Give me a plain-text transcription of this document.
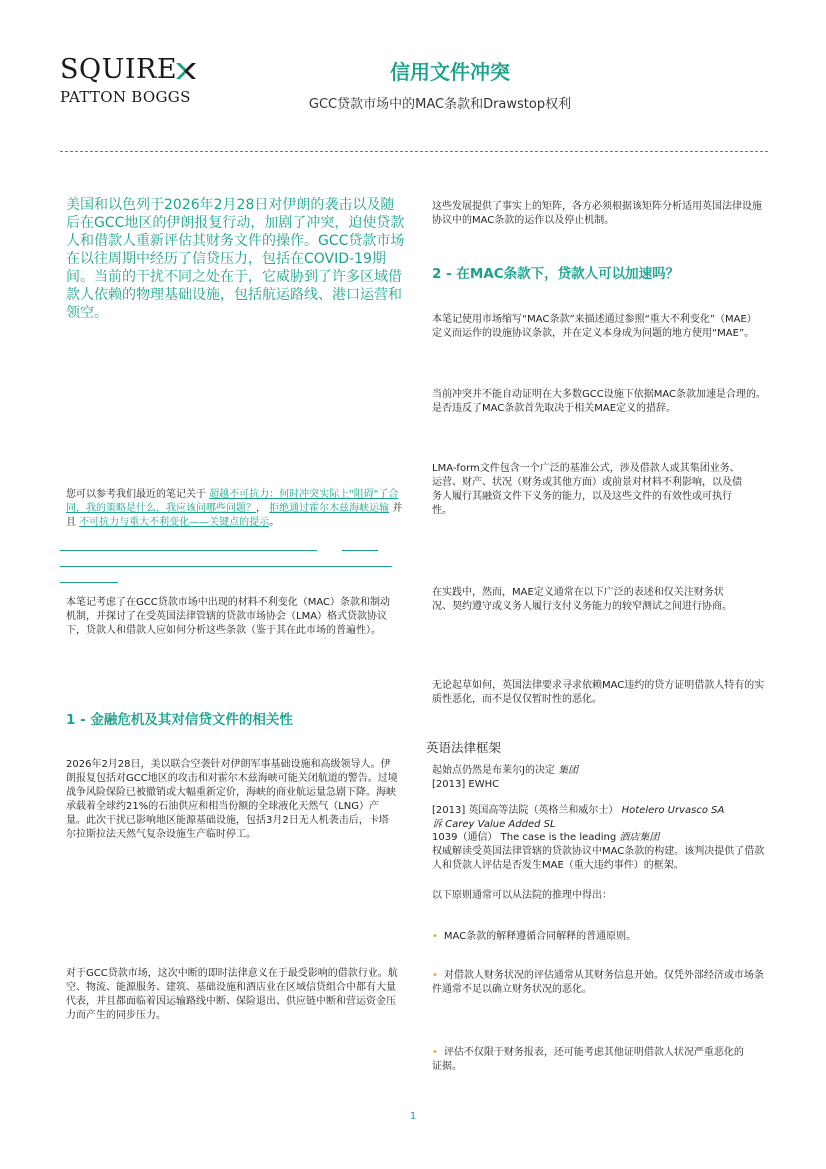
SQUIRE
PATTON BOGGS
信用文件冲突
GCC贷款市场中的MAC条款和Drawstop权利
美国和以色列于2026年2月28日对伊朗的袭击以及随后在GCC地区的伊朗报复行动，加剧了冲突，迫使贷款人和借款人重新评估其财务文件的操作。GCC贷款市场在以往周期中经历了信贷压力，包括在COVID-19期间。当前的干扰不同之处在于，它威胁到了许多区域借款人依赖的物理基础设施，包括航运路线、港口运营和领空。
您可以参考我们最近的笔记关于 超越不可抗力：何时冲突实际上"阻碍"了合同，我的策略是什么，我应该问哪些问题？， 拒绝通过霍尔木兹海峡运输 并且 不可抗力与重大不利变化——关键点的提示。
本笔记考虑了在GCC贷款市场中出现的材料不利变化（MAC）条款和制动机制，并探讨了在受英国法律管辖的贷款市场协会（LMA）格式贷款协议下，贷款人和借款人应如何分析这些条款（鉴于其在此市场的普遍性）。
1 - 金融危机及其对信贷文件的相关性
2026年2月28日，美以联合空袭针对伊朗军事基础设施和高级领导人。伊朗报复包括对GCC地区的攻击和对霍尔木兹海峡可能关闭航道的警告。过境战争风险保险已被撤销或大幅重新定价，海峡的商业航运量急剧下降。海峡承载着全球约21%的石油供应和相当份额的全球液化天然气（LNG）产量。此次干扰已影响地区能源基础设施，包括3月2日无人机袭击后，卡塔尔拉斯拉法天然气复杂设施生产临时停工。
对于GCC贷款市场，这次中断的即时法律意义在于最受影响的借款行业。航空、物流、能源服务、建筑、基础设施和酒店业在区域信贷组合中都有大量代表，并且都面临着因运输路线中断、保险退出、供应链中断和营运资金压力而产生的同步压力。
这些发展提供了事实上的矩阵，各方必须根据该矩阵分析适用英国法律设施协议中的MAC条款的运作以及停止机制。
2 - 在MAC条款下，贷款人可以加速吗？
本笔记使用市场缩写“MAC条款”来描述通过参照“重大不利变化”（MAE）定义而运作的设施协议条款，并在定义本身成为问题的地方使用“MAE”。
当前冲突并不能自动证明在大多数GCC设施下依据MAC条款加速是合理的。是否违反了MAC条款首先取决于相关MAE定义的措辞。
LMA-form文件包含一个广泛的基准公式，涉及借款人或其集团业务、运营、财产、状况（财务或其他方面）或前景对材料不利影响，以及债务人履行其融资文件下义务的能力，以及这些文件的有效性或可执行性。
在实践中，然而，MAE定义通常在以下广泛的表述和仅关注财务状况、契约遵守或义务人履行支付义务能力的较窄测试之间进行协商。
无论起草如何，英国法律要求寻求依赖MAC违约的贷方证明借款人特有的实质性恶化，而不是仅仅暂时性的恶化。
英语法律框架
起始点仍然是布莱尔J的决定 集团
[2013] EWHC
[2013] 英国高等法院（英格兰和威尔士） Hotelero Urvasco SA
诉 Carey Value Added SL
1039（通信） The case is the leading 酒店集团
权威解读受英国法律管辖的贷款协议中MAC条款的构建。该判决提供了借款人和贷款人评估是否发生MAE（重大违约事件）的框架。
以下原则通常可以从法院的推理中得出：
• MAC条款的解释遵循合同解释的普通原则。
• 对借款人财务状况的评估通常从其财务信息开始。仅凭外部经济或市场条件通常不足以确立财务状况的恶化。
• 评估不仅限于财务报表，还可能考虑其他证明借款人状况严重恶化的证据。
1
